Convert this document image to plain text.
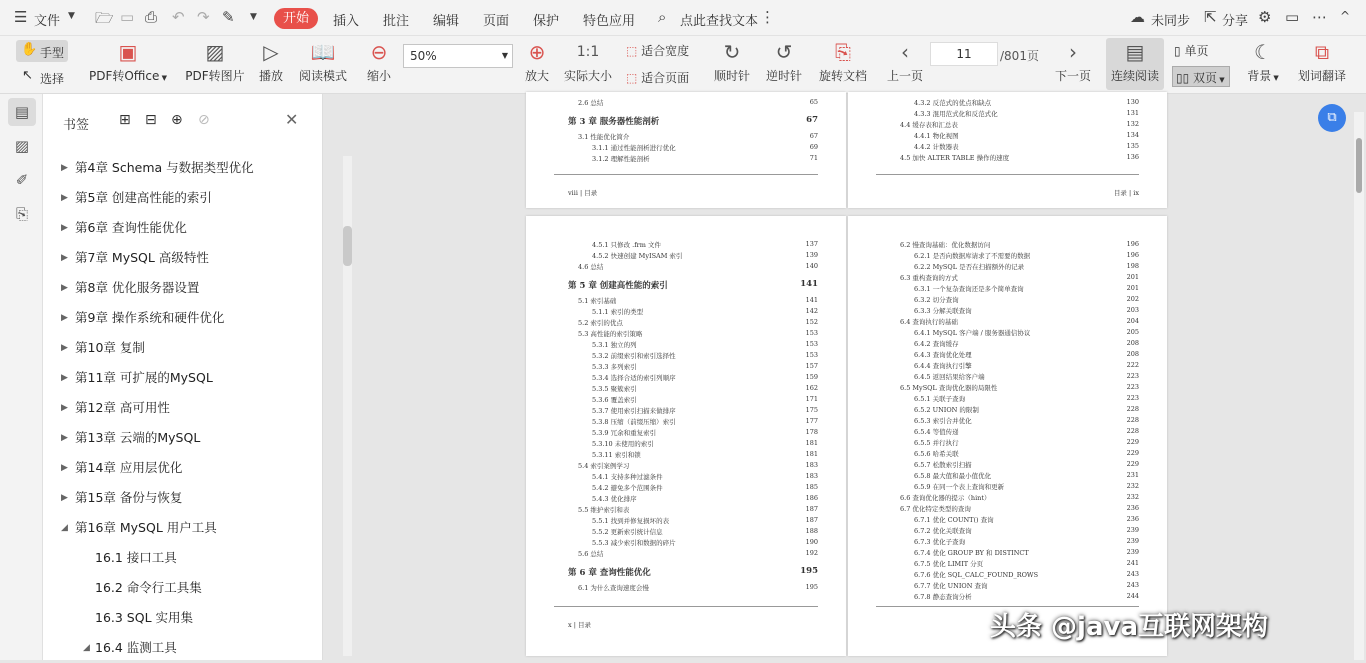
☰ 文件 ▼ 🗁 ▭ ⎙ ↶ ↷ ✎ ▼	开始	插入 批注 编辑 页面 保护 特色应用 ⌕ 点此查找文本 ⋮	☁ 未同步 ⇱ 分享 ⚙ ▭ ⋯ ^
✋ 手型
↖ 选择
▣
PDF转Office ▼
▨
PDF转图片
▷
播放
📖
阅读模式
⊖
缩小
50%	▼ ⊕
放大
1:1
实际大小
⬚ 适合宽度
⬚ 适合页面
↻
顺时针
↺
逆时针
⎘
旋转文档
‹
上一页
11	/801页	›
下一页
▤
连续阅读
▯ 单页
▯▯ 双页 ▼
☾
背景 ▼
⧉
划词翻译
▤
▨
✐
⎘
书签 ⊞ ⊟ ⊕ ⊘	✕
▶ 第4章 Schema 与数据类型优化
▶ 第5章 创建高性能的索引
▶ 第6章 查询性能优化
▶ 第7章 MySQL 高级特性
▶ 第8章 优化服务器设置
▶ 第9章 操作系统和硬件优化
▶ 第10章 复制
▶ 第11章 可扩展的MySQL
▶ 第12章 高可用性
▶ 第13章 云端的MySQL
▶ 第14章 应用层优化
▶ 第15章 备份与恢复
◢ 第16章 MySQL 用户工具
16.1 接口工具
16.2 命令行工具集
16.3 SQL 实用集
◢ 16.4 监测工具
2.6 总结	65
第 3 章 服务器性能剖析	67
3.1 性能优化简介	67
3.1.1 通过性能剖析进行优化	69
3.1.2 理解性能剖析	71
viii | 目录
4.3.2 反范式的优点和缺点	130
4.3.3 混用范式化和反范式化	131
4.4 缓存表和汇总表	132
4.4.1 物化视图	134
4.4.2 计数器表	135
4.5 加快 ALTER TABLE 操作的速度	136
目录 | ix
4.5.1 只修改 .frm 文件	137
4.5.2 快速创建 MyISAM 索引	139
4.6 总结	140
第 5 章 创建高性能的索引	141
5.1 索引基础	141
5.1.1 索引的类型	142
5.2 索引的优点	152
5.3 高性能的索引策略	153
5.3.1 独立的列	153
5.3.2 前缀索引和索引选择性	153
5.3.3 多列索引	157
5.3.4 选择合适的索引列顺序	159
5.3.5 聚簇索引	162
5.3.6 覆盖索引	171
5.3.7 使用索引扫描来做排序	175
5.3.8 压缩（前缀压缩）索引	177
5.3.9 冗余和重复索引	178
5.3.10 未使用的索引	181
5.3.11 索引和锁	181
5.4 索引案例学习	183
5.4.1 支持多种过滤条件	183
5.4.2 避免多个范围条件	185
5.4.3 优化排序	186
5.5 维护索引和表	187
5.5.1 找到并修复损坏的表	187
5.5.2 更新索引统计信息	188
5.5.3 减少索引和数据的碎片	190
5.6 总结	192
第 6 章 查询性能优化	195
6.1 为什么查询速度会慢	195
x | 目录
6.2 慢查询基础：优化数据访问	196
6.2.1 是否向数据库请求了不需要的数据	196
6.2.2 MySQL 是否在扫描额外的记录	198
6.3 重构查询的方式	201
6.3.1 一个复杂查询还是多个简单查询	201
6.3.2 切分查询	202
6.3.3 分解关联查询	203
6.4 查询执行的基础	204
6.4.1 MySQL 客户端 / 服务器通信协议	205
6.4.2 查询缓存	208
6.4.3 查询优化处理	208
6.4.4 查询执行引擎	222
6.4.5 返回结果给客户端	223
6.5 MySQL 查询优化器的局限性	223
6.5.1 关联子查询	223
6.5.2 UNION 的限制	228
6.5.3 索引合并优化	228
6.5.4 等值传递	228
6.5.5 并行执行	229
6.5.6 哈希关联	229
6.5.7 松散索引扫描	229
6.5.8 最大值和最小值优化	231
6.5.9 在同一个表上查询和更新	232
6.6 查询优化器的提示（hint）	232
6.7 优化特定类型的查询	236
6.7.1 优化 COUNT() 查询	236
6.7.2 优化关联查询	239
6.7.3 优化子查询	239
6.7.4 优化 GROUP BY 和 DISTINCT	239
6.7.5 优化 LIMIT 分页	241
6.7.6 优化 SQL_CALC_FOUND_ROWS	243
6.7.7 优化 UNION 查询	243
6.7.8 静态查询分析	244
⧉
头条 @java互联网架构
